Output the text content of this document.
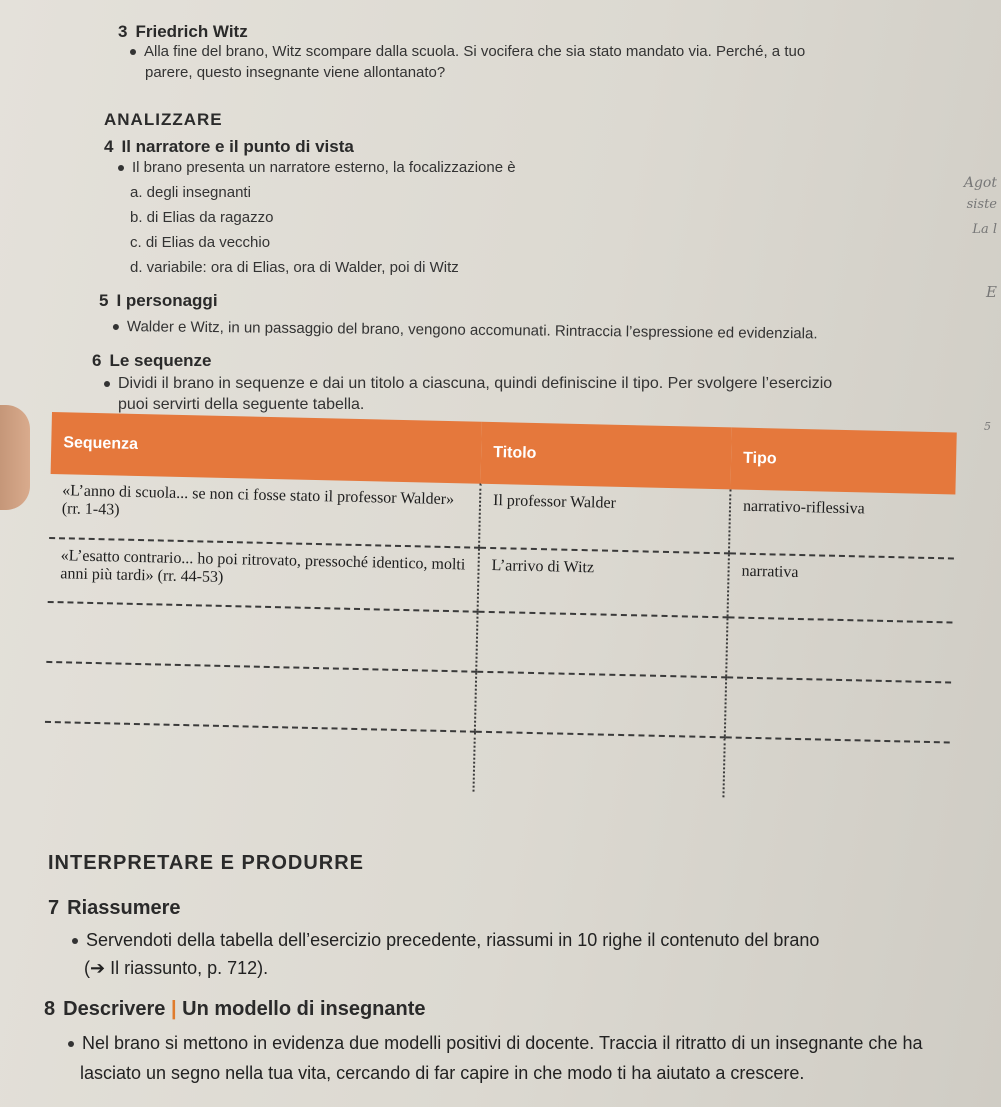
Agot
siste
La l
E
5
3 Friedrich Witz
Alla fine del brano, Witz scompare dalla scuola. Si vocifera che sia stato mandato via. Perché, a tuo
parere, questo insegnante viene allontanato?
ANALIZZARE
4 Il narratore e il punto di vista
Il brano presenta un narratore esterno, la focalizzazione è
a. degli insegnanti
b. di Elias da ragazzo
c. di Elias da vecchio
d. variabile: ora di Elias, ora di Walder, poi di Witz
5 I personaggi
Walder e Witz, in un passaggio del brano, vengono accomunati. Rintraccia l’espressione ed evidenziala.
6 Le sequenze
Dividi il brano in sequenze e dai un titolo a ciascuna, quindi definiscine il tipo. Per svolgere l’esercizio
puoi servirti della seguente tabella.
Sequenza	Titolo	Tipo
«L’anno di scuola... se non ci fosse stato il professor Walder» (rr. 1-43)	Il professor Walder	narrativo-riflessiva
«L’esatto contrario... ho poi ritrovato, pressoché identico, molti anni più tardi» (rr. 44-53)	L’arrivo di Witz	narrativa

INTERPRETARE E PRODURRE
7 Riassumere
Servendoti della tabella dell’esercizio precedente, riassumi in 10 righe il contenuto del brano
(➔ Il riassunto, p. 712).
8 Descrivere | Un modello di insegnante
Nel brano si mettono in evidenza due modelli positivi di docente. Traccia il ritratto di un insegnante che ha
lasciato un segno nella tua vita, cercando di far capire in che modo ti ha aiutato a crescere.
